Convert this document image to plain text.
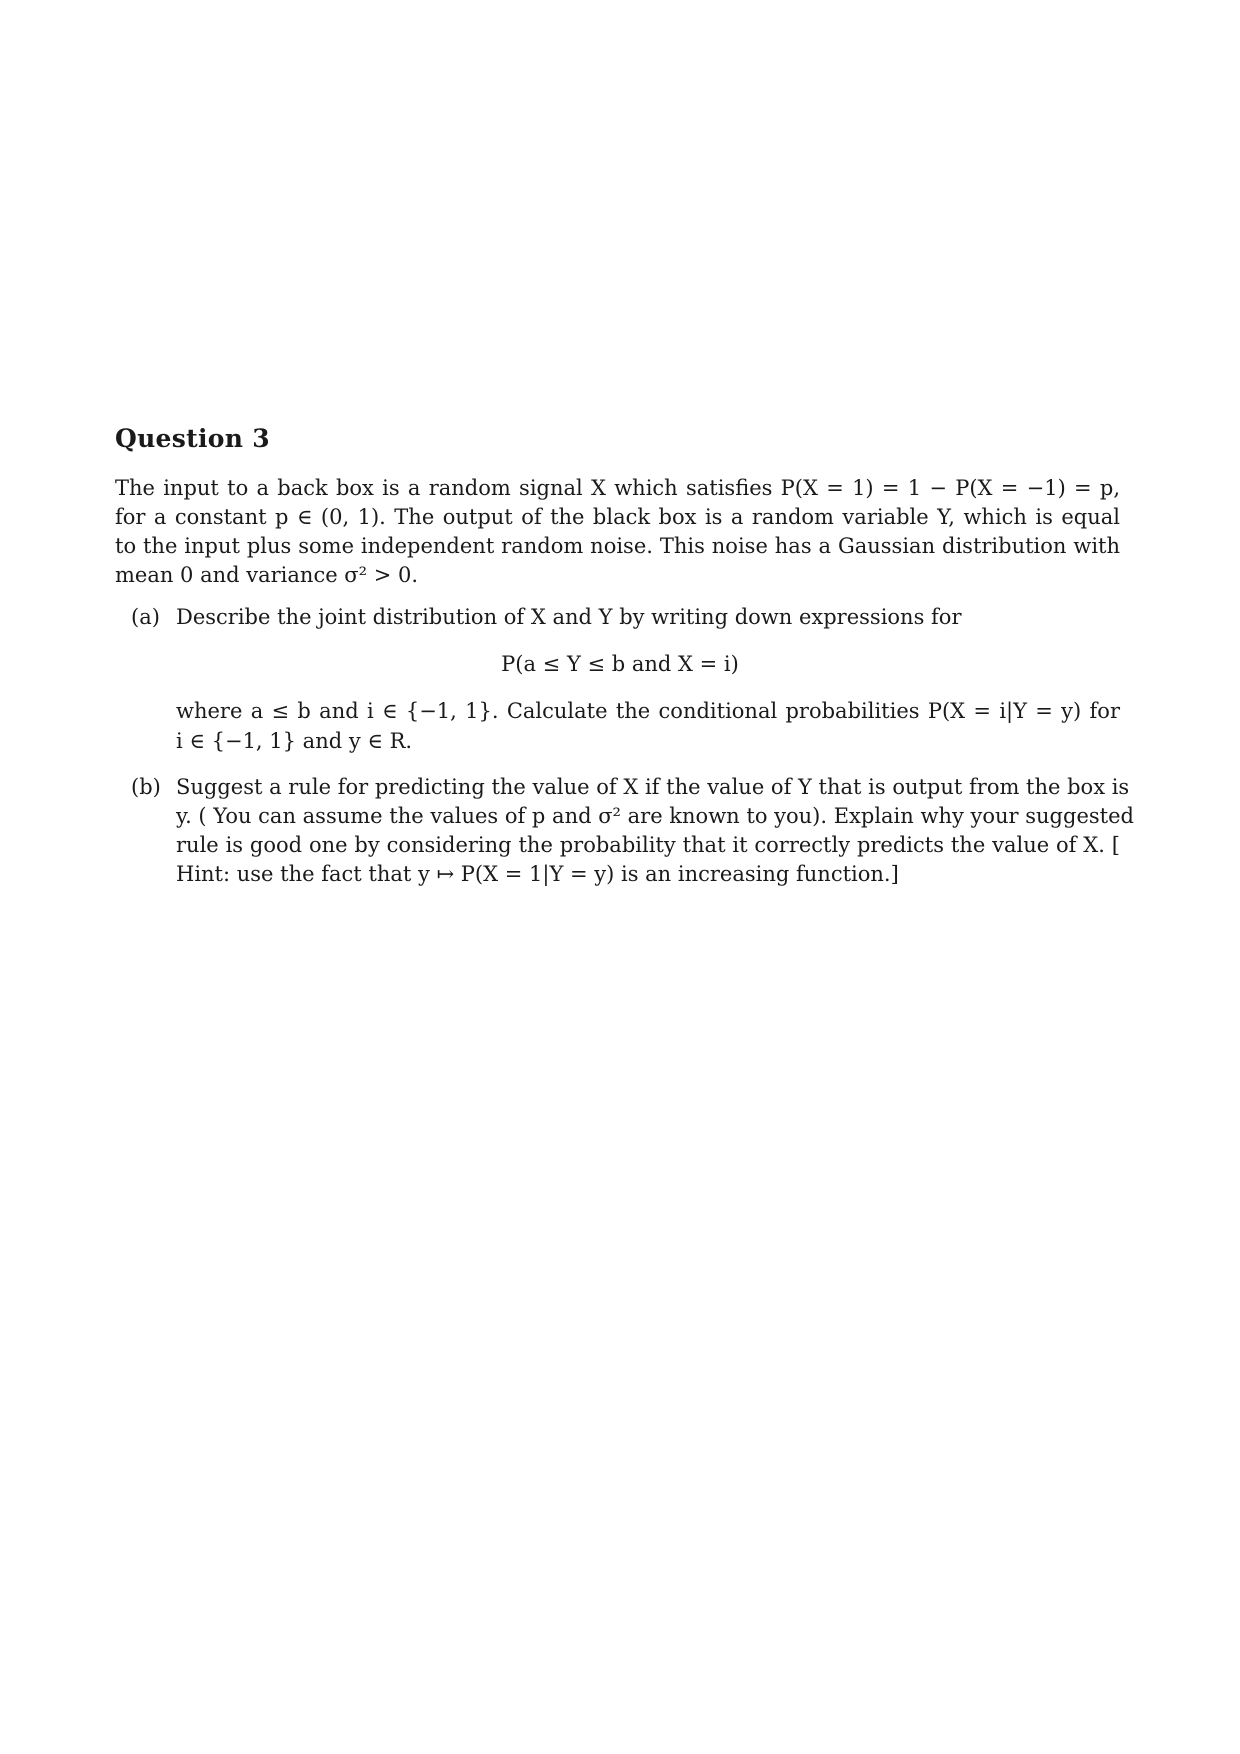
Question 3
The input to a back box is a random signal X which satisfies P(X = 1) = 1 − P(X = −1) = p,
for a constant p ∈ (0, 1). The output of the black box is a random variable Y, which is equal
to the input plus some independent random noise. This noise has a Gaussian distribution with
mean 0 and variance σ² > 0.
(a) Describe the joint distribution of X and Y by writing down expressions for
P(a ≤ Y ≤ b and X = i)
where a ≤ b and i ∈ {−1, 1}. Calculate the conditional probabilities P(X = i|Y = y) for
i ∈ {−1, 1} and y ∈ R.
(b) Suggest a rule for predicting the value of X if the value of Y that is output from the box is
y. ( You can assume the values of p and σ² are known to you). Explain why your suggested
rule is good one by considering the probability that it correctly predicts the value of X. [
Hint: use the fact that y ↦ P(X = 1|Y = y) is an increasing function.]
